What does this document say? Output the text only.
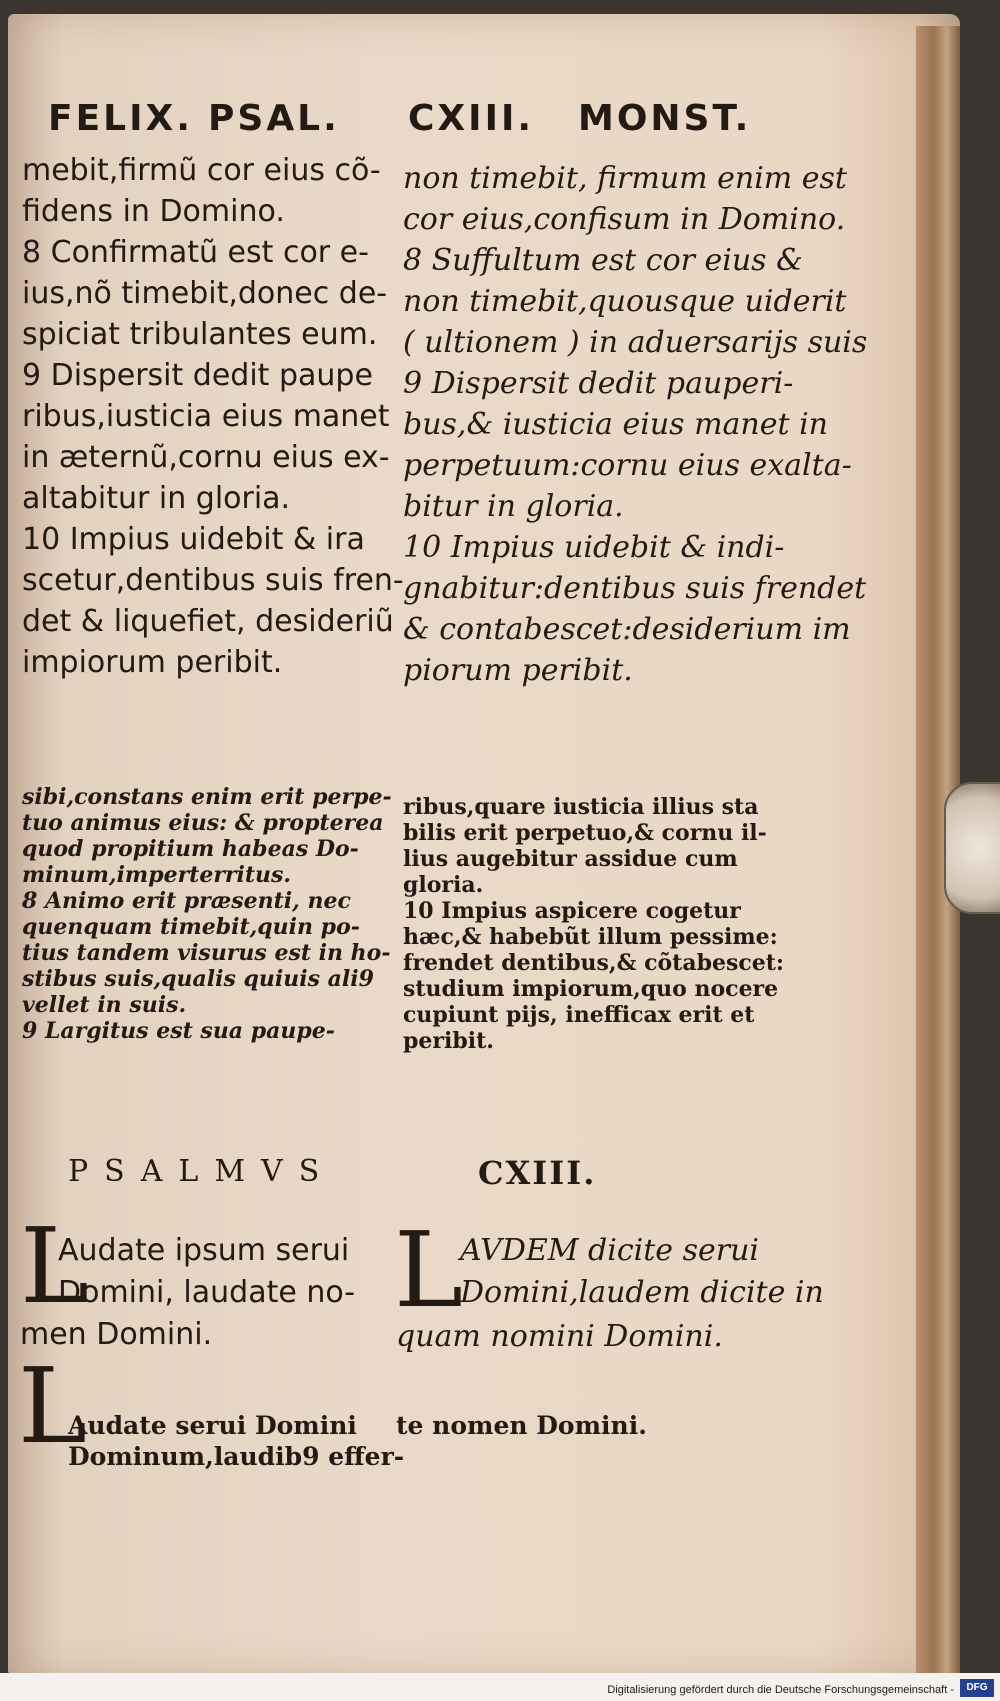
FELIX. PSAL. CXIII. MONST.
mebit,firmũ cor eius cõ-
fidens in Domino.
8 Confirmatũ est cor e-
ius,nõ timebit,donec de-
spiciat tribulantes eum.
9 Dispersit dedit paupe
ribus,iusticia eius manet
in æternũ,cornu eius ex-
altabitur in gloria.
10 Impius uidebit & ira
scetur,dentibus suis fren-
det & liquefiet, desideriũ
impiorum peribit.
non timebit, firmum enim est
cor eius,confisum in Domino.
8 Suffultum est cor eius &
non timebit,quousque uiderit
( ultionem ) in aduersarijs suis
9 Dispersit dedit pauperi-
bus,& iusticia eius manet in
perpetuum:cornu eius exalta-
bitur in gloria.
10 Impius uidebit & indi-
gnabitur:dentibus suis frendet
& contabescet:desiderium im
piorum peribit.
sibi,constans enim erit perpe-
tuo animus eius: & propterea
quod propitium habeas Do-
minum,imperterritus.
8 Animo erit præsenti, nec
quenquam timebit,quin po-
tius tandem visurus est in ho-
stibus suis,qualis quiuis ali9
vellet in suis.
9 Largitus est sua paupe-
ribus,quare iusticia illius sta
bilis erit perpetuo,& cornu il-
lius augebitur assidue cum
gloria.
10 Impius aspicere cogetur
hæc,& habebũt illum pessime:
frendet dentibus,& cõtabescet:
studium impiorum,quo nocere
cupiunt pijs, inefficax erit et
peribit.
PSALMVS	CXIII.
L
Audate ipsum serui
Domini, laudate no-
men Domini.
L
AVDEM dicite serui
Domini,laudem dicite in
quam nomini Domini.
L
Audate serui Domini
Dominum,laudib9 effer-
te nomen Domini.
Digitalisierung gefördert durch die Deutsche Forschungsgemeinschaft -	DFG
